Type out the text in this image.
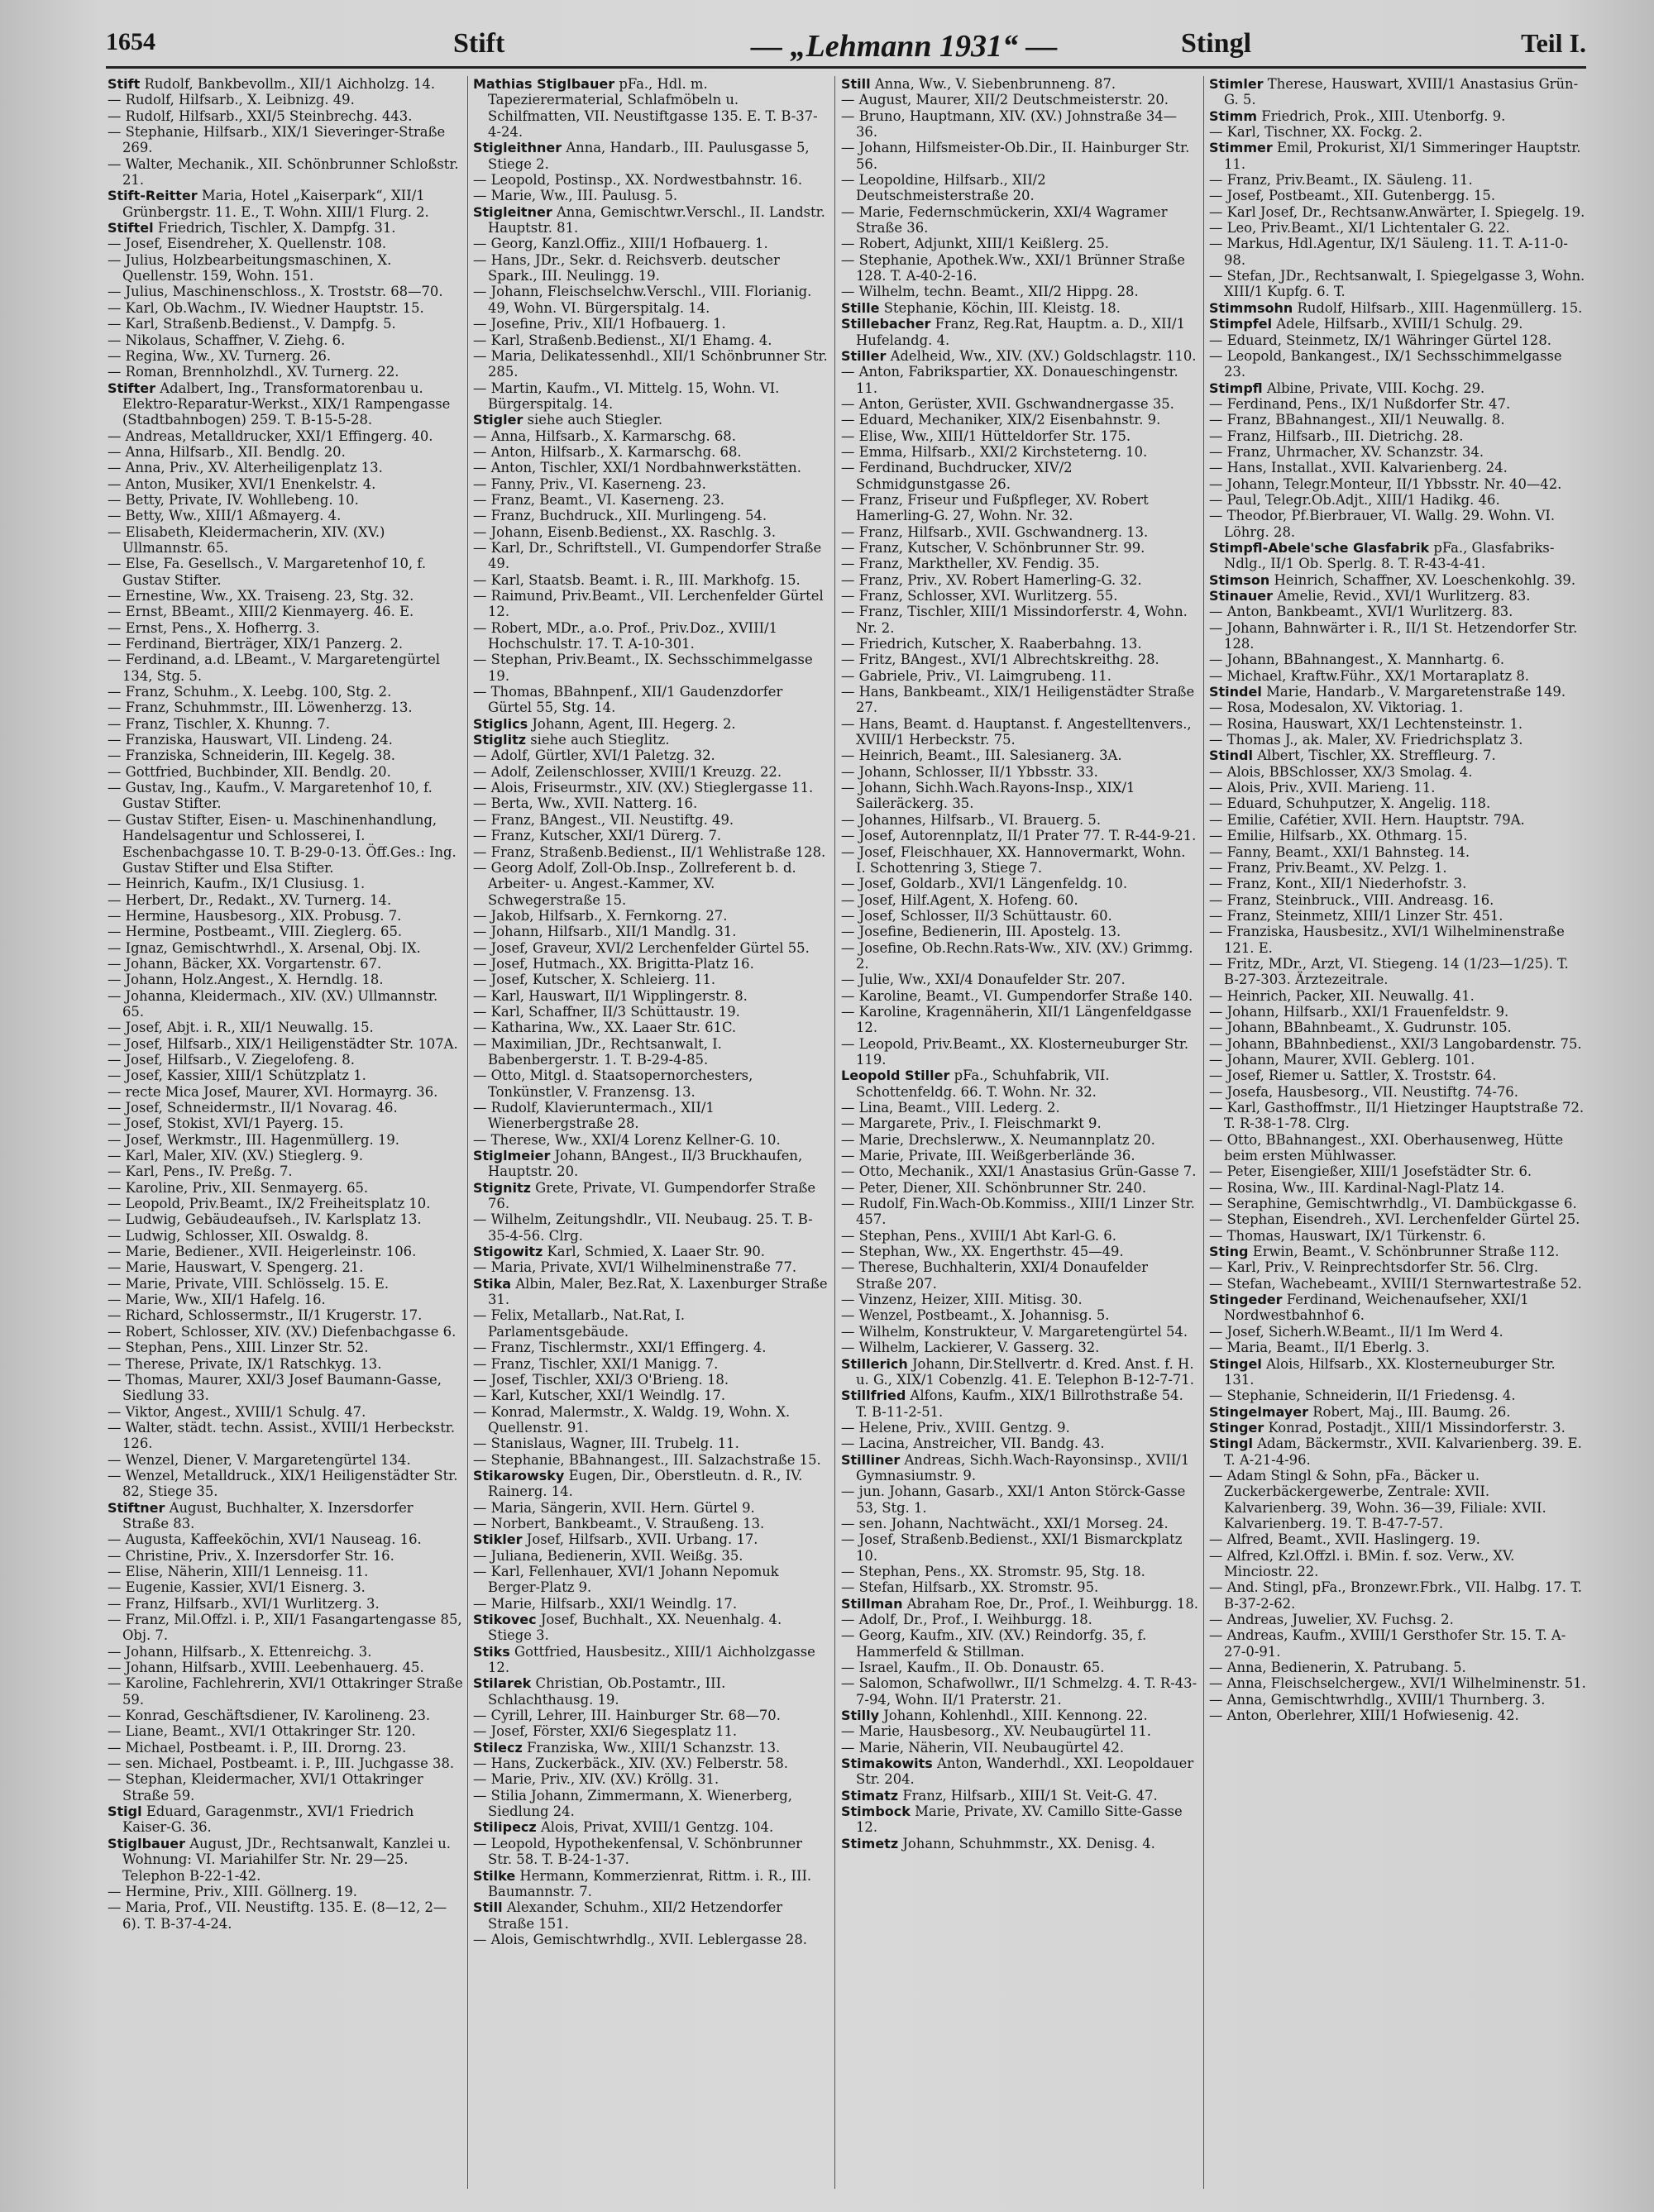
1654	Stift	— „Lehmann 1931“ —	Stingl	Teil I.

Stift Rudolf, Bankbevollm., XII/1 Aichholzg. 14.

— Rudolf, Hilfsarb., X. Leibnizg. 49.

— Rudolf, Hilfsarb., XXI/5 Steinbrechg. 443.

— Stephanie, Hilfsarb., XIX/1 Sieveringer-Straße 269.

— Walter, Mechanik., XII. Schönbrunner Schloßstr. 21.

Stift-Reitter Maria, Hotel „Kaiserpark“, XII/1 Grünbergstr. 11. E., T. Wohn. XIII/1 Flurg. 2.

Stiftel Friedrich, Tischler, X. Dampfg. 31.

— Josef, Eisendreher, X. Quellenstr. 108.

— Julius, Holzbearbeitungsmaschinen, X. Quellenstr. 159, Wohn. 151.

— Julius, Maschinenschloss., X. Troststr. 68—70.

— Karl, Ob.Wachm., IV. Wiedner Hauptstr. 15.

— Karl, Straßenb.Bedienst., V. Dampfg. 5.

— Nikolaus, Schaffner, V. Ziehg. 6.

— Regina, Ww., XV. Turnerg. 26.

— Roman, Brennholzhdl., XV. Turnerg. 22.

Stifter Adalbert, Ing., Transformatorenbau u. Elektro-Reparatur-Werkst., XIX/1 Rampengasse (Stadtbahnbogen) 259. T. B-15-5-28.

— Andreas, Metalldrucker, XXI/1 Effingerg. 40.

— Anna, Hilfsarb., XII. Bendlg. 20.

— Anna, Priv., XV. Alterheiligenplatz 13.

— Anton, Musiker, XVI/1 Enenkelstr. 4.

— Betty, Private, IV. Wohllebeng. 10.

— Betty, Ww., XIII/1 Aßmayerg. 4.

— Elisabeth, Kleidermacherin, XIV. (XV.) Ullmannstr. 65.

— Else, Fa. Gesellsch., V. Margaretenhof 10, f. Gustav Stifter.

— Ernestine, Ww., XX. Traiseng. 23, Stg. 32.

— Ernst, BBeamt., XIII/2 Kienmayerg. 46. E.

— Ernst, Pens., X. Hofherrg. 3.

— Ferdinand, Bierträger, XIX/1 Panzerg. 2.

— Ferdinand, a.d. LBeamt., V. Margaretengürtel 134, Stg. 5.

— Franz, Schuhm., X. Leebg. 100, Stg. 2.

— Franz, Schuhmmstr., III. Löwenherzg. 13.

— Franz, Tischler, X. Khunng. 7.

— Franziska, Hauswart, VII. Lindeng. 24.

— Franziska, Schneiderin, III. Kegelg. 38.

— Gottfried, Buchbinder, XII. Bendlg. 20.

— Gustav, Ing., Kaufm., V. Margaretenhof 10, f. Gustav Stifter.

— Gustav Stifter, Eisen- u. Maschinenhandlung, Handelsagentur und Schlosserei, I. Eschenbachgasse 10. T. B-29-0-13. Öff.Ges.: Ing. Gustav Stifter und Elsa Stifter.

— Heinrich, Kaufm., IX/1 Clusiusg. 1.

— Herbert, Dr., Redakt., XV. Turnerg. 14.

— Hermine, Hausbesorg., XIX. Probusg. 7.

— Hermine, Postbeamt., VIII. Zieglerg. 65.

— Ignaz, Gemischtwrhdl., X. Arsenal, Obj. IX.

— Johann, Bäcker, XX. Vorgartenstr. 67.

— Johann, Holz.Angest., X. Herndlg. 18.

— Johanna, Kleidermach., XIV. (XV.) Ullmannstr. 65.

— Josef, Abjt. i. R., XII/1 Neuwallg. 15.

— Josef, Hilfsarb., XIX/1 Heiligenstädter Str. 107A.

— Josef, Hilfsarb., V. Ziegelofeng. 8.

— Josef, Kassier, XIII/1 Schützplatz 1.

— recte Mica Josef, Maurer, XVI. Hormayrg. 36.

— Josef, Schneidermstr., II/1 Novarag. 46.

— Josef, Stokist, XVI/1 Payerg. 15.

— Josef, Werkmstr., III. Hagenmüllerg. 19.

— Karl, Maler, XIV. (XV.) Stieglerg. 9.

— Karl, Pens., IV. Preßg. 7.

— Karoline, Priv., XII. Senmayerg. 65.

— Leopold, Priv.Beamt., IX/2 Freiheitsplatz 10.

— Ludwig, Gebäudeaufseh., IV. Karlsplatz 13.

— Ludwig, Schlosser, XII. Oswaldg. 8.

— Marie, Bediener., XVII. Heigerleinstr. 106.

— Marie, Hauswart, V. Spengerg. 21.

— Marie, Private, VIII. Schlösselg. 15. E.

— Marie, Ww., XII/1 Hafelg. 16.

— Richard, Schlossermstr., II/1 Krugerstr. 17.

— Robert, Schlosser, XIV. (XV.) Diefenbachgasse 6.

— Stephan, Pens., XIII. Linzer Str. 52.

— Therese, Private, IX/1 Ratschkyg. 13.

— Thomas, Maurer, XXI/3 Josef Baumann-Gasse, Siedlung 33.

— Viktor, Angest., XVIII/1 Schulg. 47.

— Walter, städt. techn. Assist., XVIII/1 Herbeckstr. 126.

— Wenzel, Diener, V. Margaretengürtel 134.

— Wenzel, Metalldruck., XIX/1 Heiligenstädter Str. 82, Stiege 35.

Stiftner August, Buchhalter, X. Inzersdorfer Straße 83.

— Augusta, Kaffeeköchin, XVI/1 Nauseag. 16.

— Christine, Priv., X. Inzersdorfer Str. 16.

— Elise, Näherin, XIII/1 Lenneisg. 11.

— Eugenie, Kassier, XVI/1 Eisnerg. 3.

— Franz, Hilfsarb., XVI/1 Wurlitzerg. 3.

— Franz, Mil.Offzl. i. P., XII/1 Fasangartengasse 85, Obj. 7.

— Johann, Hilfsarb., X. Ettenreichg. 3.

— Johann, Hilfsarb., XVIII. Leebenhauerg. 45.

— Karoline, Fachlehrerin, XVI/1 Ottakringer Straße 59.

— Konrad, Geschäftsdiener, IV. Karolineng. 23.

— Liane, Beamt., XVI/1 Ottakringer Str. 120.

— Michael, Postbeamt. i. P., III. Drorng. 23.

— sen. Michael, Postbeamt. i. P., III. Juchgasse 38.

— Stephan, Kleidermacher, XVI/1 Ottakringer Straße 59.

Stigl Eduard, Garagenmstr., XVI/1 Friedrich Kaiser-G. 36.

Stiglbauer August, JDr., Rechtsanwalt, Kanzlei u. Wohnung: VI. Mariahilfer Str. Nr. 29—25. Telephon B-22-1-42.

— Hermine, Priv., XIII. Göllnerg. 19.

— Maria, Prof., VII. Neustiftg. 135. E. (8—12, 2—6). T. B-37-4-24.

Mathias Stiglbauer pFa., Hdl. m. Tapezierermaterial, Schlafmöbeln u. Schilfmatten, VII. Neustiftgasse 135. E. T. B-37-4-24.

Stigleithner Anna, Handarb., III. Paulusgasse 5, Stiege 2.

— Leopold, Postinsp., XX. Nordwestbahnstr. 16.

— Marie, Ww., III. Paulusg. 5.

Stigleitner Anna, Gemischtwr.Verschl., II. Landstr. Hauptstr. 81.

— Georg, Kanzl.Offiz., XIII/1 Hofbauerg. 1.

— Hans, JDr., Sekr. d. Reichsverb. deutscher Spark., III. Neulingg. 19.

— Johann, Fleischselchw.Verschl., VIII. Florianig. 49, Wohn. VI. Bürgerspitalg. 14.

— Josefine, Priv., XII/1 Hofbauerg. 1.

— Karl, Straßenb.Bedienst., XI/1 Ehamg. 4.

— Maria, Delikatessenhdl., XII/1 Schönbrunner Str. 285.

— Martin, Kaufm., VI. Mittelg. 15, Wohn. VI. Bürgerspitalg. 14.

Stigler siehe auch Stiegler.

— Anna, Hilfsarb., X. Karmarschg. 68.

— Anton, Hilfsarb., X. Karmarschg. 68.

— Anton, Tischler, XXI/1 Nordbahnwerkstätten.

— Fanny, Priv., VI. Kaserneng. 23.

— Franz, Beamt., VI. Kaserneng. 23.

— Franz, Buchdruck., XII. Murlingeng. 54.

— Johann, Eisenb.Bedienst., XX. Raschlg. 3.

— Karl, Dr., Schriftstell., VI. Gumpendorfer Straße 49.

— Karl, Staatsb. Beamt. i. R., III. Markhofg. 15.

— Raimund, Priv.Beamt., VII. Lerchenfelder Gürtel 12.

— Robert, MDr., a.o. Prof., Priv.Doz., XVIII/1 Hochschulstr. 17. T. A-10-301.

— Stephan, Priv.Beamt., IX. Sechsschimmelgasse 19.

— Thomas, BBahnpenf., XII/1 Gaudenzdorfer Gürtel 55, Stg. 14.

Stiglics Johann, Agent, III. Hegerg. 2.

Stiglitz siehe auch Stieglitz.

— Adolf, Gürtler, XVI/1 Paletzg. 32.

— Adolf, Zeilenschlosser, XVIII/1 Kreuzg. 22.

— Alois, Friseurmstr., XIV. (XV.) Stieglergasse 11.

— Berta, Ww., XVII. Natterg. 16.

— Franz, BAngest., VII. Neustiftg. 49.

— Franz, Kutscher, XXI/1 Dürerg. 7.

— Franz, Straßenb.Bedienst., II/1 Wehlistraße 128.

— Georg Adolf, Zoll-Ob.Insp., Zollreferent b. d. Arbeiter- u. Angest.-Kammer, XV. Schwegerstraße 15.

— Jakob, Hilfsarb., X. Fernkorng. 27.

— Johann, Hilfsarb., XII/1 Mandlg. 31.

— Josef, Graveur, XVI/2 Lerchenfelder Gürtel 55.

— Josef, Hutmach., XX. Brigitta-Platz 16.

— Josef, Kutscher, X. Schleierg. 11.

— Karl, Hauswart, II/1 Wipplingerstr. 8.

— Karl, Schaffner, II/3 Schüttaustr. 19.

— Katharina, Ww., XX. Laaer Str. 61C.

— Maximilian, JDr., Rechtsanwalt, I. Babenbergerstr. 1. T. B-29-4-85.

— Otto, Mitgl. d. Staatsopernorchesters, Tonkünstler, V. Franzensg. 13.

— Rudolf, Klavieruntermach., XII/1 Wienerbergstraße 28.

— Therese, Ww., XXI/4 Lorenz Kellner-G. 10.

Stiglmeier Johann, BAngest., II/3 Bruckhaufen, Hauptstr. 20.

Stignitz Grete, Private, VI. Gumpendorfer Straße 76.

— Wilhelm, Zeitungshdlr., VII. Neubaug. 25. T. B-35-4-56. Clrg.

Stigowitz Karl, Schmied, X. Laaer Str. 90.

— Maria, Private, XVI/1 Wilhelminenstraße 77.

Stika Albin, Maler, Bez.Rat, X. Laxenburger Straße 31.

— Felix, Metallarb., Nat.Rat, I. Parlamentsgebäude.

— Franz, Tischlermstr., XXI/1 Effingerg. 4.

— Franz, Tischler, XXI/1 Manigg. 7.

— Josef, Tischler, XXI/3 O'Brieng. 18.

— Karl, Kutscher, XXI/1 Weindlg. 17.

— Konrad, Malermstr., X. Waldg. 19, Wohn. X. Quellenstr. 91.

— Stanislaus, Wagner, III. Trubelg. 11.

— Stephanie, BBahnangest., III. Salzachstraße 15.

Stikarowsky Eugen, Dir., Oberstleutn. d. R., IV. Rainerg. 14.

— Maria, Sängerin, XVII. Hern. Gürtel 9.

— Norbert, Bankbeamt., V. Straußeng. 13.

Stikler Josef, Hilfsarb., XVII. Urbang. 17.

— Juliana, Bedienerin, XVII. Weißg. 35.

— Karl, Fellenhauer, XVI/1 Johann Nepomuk Berger-Platz 9.

— Marie, Hilfsarb., XXI/1 Weindlg. 17.

Stikovec Josef, Buchhalt., XX. Neuenhalg. 4. Stiege 3.

Stiks Gottfried, Hausbesitz., XIII/1 Aichholzgasse 12.

Stilarek Christian, Ob.Postamtr., III. Schlachthausg. 19.

— Cyrill, Lehrer, III. Hainburger Str. 68—70.

— Josef, Förster, XXI/6 Siegesplatz 11.

Stilecz Franziska, Ww., XIII/1 Schanzstr. 13.

— Hans, Zuckerbäck., XIV. (XV.) Felberstr. 58.

— Marie, Priv., XIV. (XV.) Kröllg. 31.

— Stilia Johann, Zimmermann, X. Wienerberg, Siedlung 24.

Stilipecz Alois, Privat, XVIII/1 Gentzg. 104.

— Leopold, Hypothekenfensal, V. Schönbrunner Str. 58. T. B-24-1-37.

Stilke Hermann, Kommerzienrat, Rittm. i. R., III. Baumannstr. 7.

Still Alexander, Schuhm., XII/2 Hetzendorfer Straße 151.

— Alois, Gemischtwrhdlg., XVII. Leblergasse 28.

Still Anna, Ww., V. Siebenbrunneng. 87.

— August, Maurer, XII/2 Deutschmeisterstr. 20.

— Bruno, Hauptmann, XIV. (XV.) Johnstraße 34—36.

— Johann, Hilfsmeister-Ob.Dir., II. Hainburger Str. 56.

— Leopoldine, Hilfsarb., XII/2 Deutschmeisterstraße 20.

— Marie, Federnschmückerin, XXI/4 Wagramer Straße 36.

— Robert, Adjunkt, XIII/1 Keißlerg. 25.

— Stephanie, Apothek.Ww., XXI/1 Brünner Straße 128. T. A-40-2-16.

— Wilhelm, techn. Beamt., XII/2 Hippg. 28.

Stille Stephanie, Köchin, III. Kleistg. 18.

Stillebacher Franz, Reg.Rat, Hauptm. a. D., XII/1 Hufelandg. 4.

Stiller Adelheid, Ww., XIV. (XV.) Goldschlagstr. 110.

— Anton, Fabrikspartier, XX. Donaueschingenstr. 11.

— Anton, Gerüster, XVII. Gschwandnergasse 35.

— Eduard, Mechaniker, XIX/2 Eisenbahnstr. 9.

— Elise, Ww., XIII/1 Hütteldorfer Str. 175.

— Emma, Hilfsarb., XXI/2 Kirchsteterng. 10.

— Ferdinand, Buchdrucker, XIV/2 Schmidgunstgasse 26.

— Franz, Friseur und Fußpfleger, XV. Robert Hamerling-G. 27, Wohn. Nr. 32.

— Franz, Hilfsarb., XVII. Gschwandnerg. 13.

— Franz, Kutscher, V. Schönbrunner Str. 99.

— Franz, Marktheller, XV. Fendig. 35.

— Franz, Priv., XV. Robert Hamerling-G. 32.

— Franz, Schlosser, XVI. Wurlitzerg. 55.

— Franz, Tischler, XIII/1 Missindorferstr. 4, Wohn. Nr. 2.

— Friedrich, Kutscher, X. Raaberbahng. 13.

— Fritz, BAngest., XVI/1 Albrechtskreithg. 28.

— Gabriele, Priv., VI. Laimgrubeng. 11.

— Hans, Bankbeamt., XIX/1 Heiligenstädter Straße 27.

— Hans, Beamt. d. Hauptanst. f. Angestelltenvers., XVIII/1 Herbeckstr. 75.

— Heinrich, Beamt., III. Salesianerg. 3A.

— Johann, Schlosser, II/1 Ybbsstr. 33.

— Johann, Sichh.Wach.Rayons-Insp., XIX/1 Saileräckerg. 35.

— Johannes, Hilfsarb., VI. Brauerg. 5.

— Josef, Autorennplatz, II/1 Prater 77. T. R-44-9-21.

— Josef, Fleischhauer, XX. Hannovermarkt, Wohn. I. Schottenring 3, Stiege 7.

— Josef, Goldarb., XVI/1 Längenfeldg. 10.

— Josef, Hilf.Agent, X. Hofeng. 60.

— Josef, Schlosser, II/3 Schüttaustr. 60.

— Josefine, Bedienerin, III. Apostelg. 13.

— Josefine, Ob.Rechn.Rats-Ww., XIV. (XV.) Grimmg. 2.

— Julie, Ww., XXI/4 Donaufelder Str. 207.

— Karoline, Beamt., VI. Gumpendorfer Straße 140.

— Karoline, Kragennäherin, XII/1 Längenfeldgasse 12.

— Leopold, Priv.Beamt., XX. Klosterneuburger Str. 119.

Leopold Stiller pFa., Schuhfabrik, VII. Schottenfeldg. 66. T. Wohn. Nr. 32.

— Lina, Beamt., VIII. Lederg. 2.

— Margarete, Priv., I. Fleischmarkt 9.

— Marie, Drechslerww., X. Neumannplatz 20.

— Marie, Private, III. Weißgerberlände 36.

— Otto, Mechanik., XXI/1 Anastasius Grün-Gasse 7.

— Peter, Diener, XII. Schönbrunner Str. 240.

— Rudolf, Fin.Wach-Ob.Kommiss., XIII/1 Linzer Str. 457.

— Stephan, Pens., XVIII/1 Abt Karl-G. 6.

— Stephan, Ww., XX. Engerthstr. 45—49.

— Therese, Buchhalterin, XXI/4 Donaufelder Straße 207.

— Vinzenz, Heizer, XIII. Mitisg. 30.

— Wenzel, Postbeamt., X. Johannisg. 5.

— Wilhelm, Konstrukteur, V. Margaretengürtel 54.

— Wilhelm, Lackierer, V. Gasserg. 32.

Stillerich Johann, Dir.Stellvertr. d. Kred. Anst. f. H. u. G., XIX/1 Cobenzlg. 41. E. Telephon B-12-7-71.

Stillfried Alfons, Kaufm., XIX/1 Billrothstraße 54. T. B-11-2-51.

— Helene, Priv., XVIII. Gentzg. 9.

— Lacina, Anstreicher, VII. Bandg. 43.

Stilliner Andreas, Sichh.Wach-Rayonsinsp., XVII/1 Gymnasiumstr. 9.

— jun. Johann, Gasarb., XXI/1 Anton Störck-Gasse 53, Stg. 1.

— sen. Johann, Nachtwächt., XXI/1 Morseg. 24.

— Josef, Straßenb.Bedienst., XXI/1 Bismarckplatz 10.

— Stephan, Pens., XX. Stromstr. 95, Stg. 18.

— Stefan, Hilfsarb., XX. Stromstr. 95.

Stillman Abraham Roe, Dr., Prof., I. Weihburgg. 18.

— Adolf, Dr., Prof., I. Weihburgg. 18.

— Georg, Kaufm., XIV. (XV.) Reindorfg. 35, f. Hammerfeld & Stillman.

— Israel, Kaufm., II. Ob. Donaustr. 65.

— Salomon, Schafwollwr., II/1 Schmelzg. 4. T. R-43-7-94, Wohn. II/1 Praterstr. 21.

Stilly Johann, Kohlenhdl., XIII. Kennong. 22.

— Marie, Hausbesorg., XV. Neubaugürtel 11.

— Marie, Näherin, VII. Neubaugürtel 42.

Stimakowits Anton, Wanderhdl., XXI. Leopoldauer Str. 204.

Stimatz Franz, Hilfsarb., XIII/1 St. Veit-G. 47.

Stimbock Marie, Private, XV. Camillo Sitte-Gasse 12.

Stimetz Johann, Schuhmmstr., XX. Denisg. 4.

Stimler Therese, Hauswart, XVIII/1 Anastasius Grün-G. 5.

Stimm Friedrich, Prok., XIII. Utenborfg. 9.

— Karl, Tischner, XX. Fockg. 2.

Stimmer Emil, Prokurist, XI/1 Simmeringer Hauptstr. 11.

— Franz, Priv.Beamt., IX. Säuleng. 11.

— Josef, Postbeamt., XII. Gutenbergg. 15.

— Karl Josef, Dr., Rechtsanw.Anwärter, I. Spiegelg. 19.

— Leo, Priv.Beamt., XI/1 Lichtentaler G. 22.

— Markus, Hdl.Agentur, IX/1 Säuleng. 11. T. A-11-0-98.

— Stefan, JDr., Rechtsanwalt, I. Spiegelgasse 3, Wohn. XIII/1 Kupfg. 6. T.

Stimmsohn Rudolf, Hilfsarb., XIII. Hagenmüllerg. 15.

Stimpfel Adele, Hilfsarb., XVIII/1 Schulg. 29.

— Eduard, Steinmetz, IX/1 Währinger Gürtel 128.

— Leopold, Bankangest., IX/1 Sechsschimmelgasse 23.

Stimpfl Albine, Private, VIII. Kochg. 29.

— Ferdinand, Pens., IX/1 Nußdorfer Str. 47.

— Franz, BBahnangest., XII/1 Neuwallg. 8.

— Franz, Hilfsarb., III. Dietrichg. 28.

— Franz, Uhrmacher, XV. Schanzstr. 34.

— Hans, Installat., XVII. Kalvarienberg. 24.

— Johann, Telegr.Monteur, II/1 Ybbsstr. Nr. 40—42.

— Paul, Telegr.Ob.Adjt., XIII/1 Hadikg. 46.

— Theodor, Pf.Bierbrauer, VI. Wallg. 29. Wohn. VI. Löhrg. 28.

Stimpfl-Abele'sche Glasfabrik pFa., Glasfabriks-Ndlg., II/1 Ob. Sperlg. 8. T. R-43-4-41.

Stimson Heinrich, Schaffner, XV. Loeschenkohlg. 39.

Stinauer Amelie, Revid., XVI/1 Wurlitzerg. 83.

— Anton, Bankbeamt., XVI/1 Wurlitzerg. 83.

— Johann, Bahnwärter i. R., II/1 St. Hetzendorfer Str. 128.

— Johann, BBahnangest., X. Mannhartg. 6.

— Michael, Kraftw.Führ., XX/1 Mortaraplatz 8.

Stindel Marie, Handarb., V. Margaretenstraße 149.

— Rosa, Modesalon, XV. Viktoriag. 1.

— Rosina, Hauswart, XX/1 Lechtensteinstr. 1.

— Thomas J., ak. Maler, XV. Friedrichsplatz 3.

Stindl Albert, Tischler, XX. Streffleurg. 7.

— Alois, BBSchlosser, XX/3 Smolag. 4.

— Alois, Priv., XVII. Marieng. 11.

— Eduard, Schuhputzer, X. Angelig. 118.

— Emilie, Cafétier, XVII. Hern. Hauptstr. 79A.

— Emilie, Hilfsarb., XX. Othmarg. 15.

— Fanny, Beamt., XXI/1 Bahnsteg. 14.

— Franz, Priv.Beamt., XV. Pelzg. 1.

— Franz, Kont., XII/1 Niederhofstr. 3.

— Franz, Steinbruck., VIII. Andreasg. 16.

— Franz, Steinmetz, XIII/1 Linzer Str. 451.

— Franziska, Hausbesitz., XVI/1 Wilhelminenstraße 121. E.

— Fritz, MDr., Arzt, VI. Stiegeng. 14 (1/23—1/25). T. B-27-303. Ärztezeitrale.

— Heinrich, Packer, XII. Neuwallg. 41.

— Johann, Hilfsarb., XXI/1 Frauenfeldstr. 9.

— Johann, BBahnbeamt., X. Gudrunstr. 105.

— Johann, BBahnbedienst., XXI/3 Langobardenstr. 75.

— Johann, Maurer, XVII. Geblerg. 101.

— Josef, Riemer u. Sattler, X. Troststr. 64.

— Josefa, Hausbesorg., VII. Neustiftg. 74-76.

— Karl, Gasthoffmstr., II/1 Hietzinger Hauptstraße 72. T. R-38-1-78. Clrg.

— Otto, BBahnangest., XXI. Oberhausenweg, Hütte beim ersten Mühlwasser.

— Peter, Eisengießer, XIII/1 Josefstädter Str. 6.

— Rosina, Ww., III. Kardinal-Nagl-Platz 14.

— Seraphine, Gemischtwrhdlg., VI. Dambückgasse 6.

— Stephan, Eisendreh., XVI. Lerchenfelder Gürtel 25.

— Thomas, Hauswart, IX/1 Türkenstr. 6.

Sting Erwin, Beamt., V. Schönbrunner Straße 112.

— Karl, Priv., V. Reinprechtsdorfer Str. 56. Clrg.

— Stefan, Wachebeamt., XVIII/1 Sternwartestraße 52.

Stingeder Ferdinand, Weichenaufseher, XXI/1 Nordwestbahnhof 6.

— Josef, Sicherh.W.Beamt., II/1 Im Werd 4.

— Maria, Beamt., II/1 Eberlg. 3.

Stingel Alois, Hilfsarb., XX. Klosterneuburger Str. 131.

— Stephanie, Schneiderin, II/1 Friedensg. 4.

Stingelmayer Robert, Maj., III. Baumg. 26.

Stinger Konrad, Postadjt., XIII/1 Missindorferstr. 3.

Stingl Adam, Bäckermstr., XVII. Kalvarienberg. 39. E. T. A-21-4-96.

— Adam Stingl & Sohn, pFa., Bäcker u. Zuckerbäckergewerbe, Zentrale: XVII. Kalvarienberg. 39, Wohn. 36—39, Filiale: XVII. Kalvarienberg. 19. T. B-47-7-57.

— Alfred, Beamt., XVII. Haslingerg. 19.

— Alfred, Kzl.Offzl. i. BMin. f. soz. Verw., XV. Minciostr. 22.

— And. Stingl, pFa., Bronzewr.Fbrk., VII. Halbg. 17. T. B-37-2-62.

— Andreas, Juwelier, XV. Fuchsg. 2.

— Andreas, Kaufm., XVIII/1 Gersthofer Str. 15. T. A-27-0-91.

— Anna, Bedienerin, X. Patrubang. 5.

— Anna, Fleischselchergew., XVI/1 Wilhelminenstr. 51.

— Anna, Gemischtwrhdlg., XVIII/1 Thurnberg. 3.

— Anton, Oberlehrer, XIII/1 Hofwiesenig. 42.
